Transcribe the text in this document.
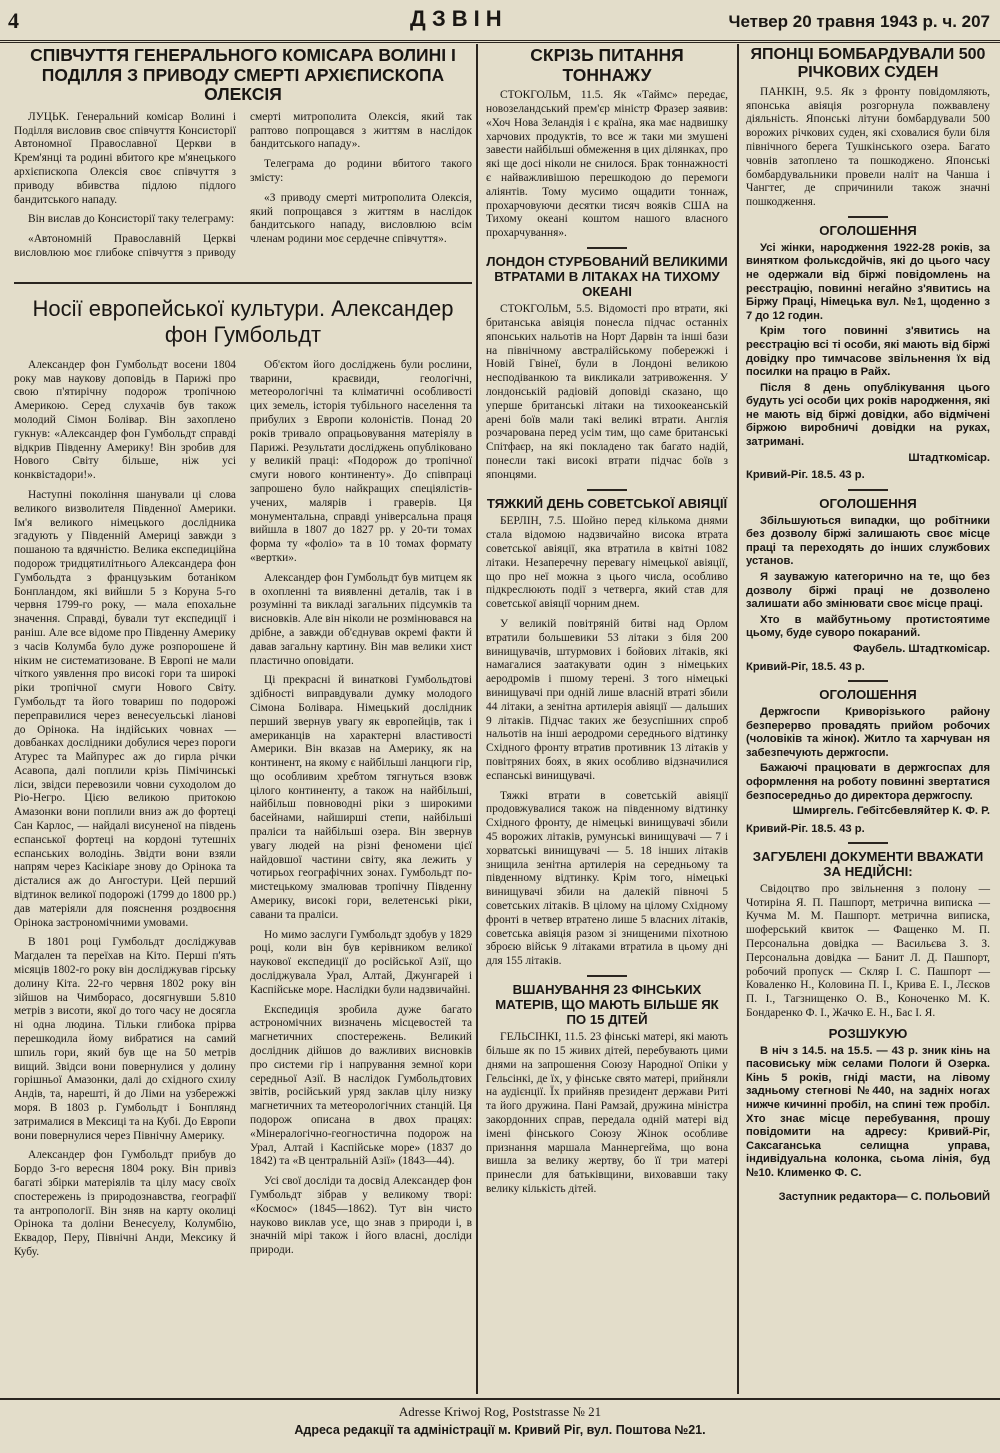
4	ДЗВІН	Четвер 20 травня 1943 р. ч. 207
СПІВЧУТТЯ ГЕНЕРАЛЬНОГО КОМІСАРА ВОЛИНІ І ПОДІЛЛЯ З ПРИВОДУ СМЕРТІ АРХІЄПИСКОПА ОЛЕКСІЯ

ЛУЦЬК. Генеральний комісар Волині і Поділля висловив своє співчуття Консисторії Автономної Православної Церкви в Крем'янці та родині вбитого кре м'янецького архієпископа Олексія своє співчуття з приводу вбивства підлою підлого бандитського нападу.

Він вислав до Консисторії таку телеграму:

«Автономній Православній Церкві висловлюю моє глибоке співчуття з приводу смерті митрополита Олексія, який так раптово попрощався з життям в наслідок бандитського нападу».

Телеграма до родини вбитого такого змісту:

«З приводу смерті митрополита Олексія, який попрощався з життям в наслідок бандитського нападу, висловлюю всім членам родини моє сердечне співчуття».

Носії европейської культури. Александер фон Гумбольдт

Александер фон Гумбольдт восени 1804 року мав наукову доповідь в Парижі про свою п'ятирічну подорож тропічною Америкою. Серед слухачів був також молодий Сімон Болівар. Він захопленo гукнув: «Александер фон Гумбольдт справді відкрив Південну Америку! Він зробив для Нового Світу більше, ніж усі конквістадори!».

Наступні покоління шанували ці слова великого визволителя Південної Америки. Ім'я великого німецького дослідника згадують у Південній Америці завжди з пошаною та вдячністю. Велика експедиційна подорож тридцятилітнього Александера фон Гумбольдта з французьким ботаніком Бонпландом, які вийшли 5 з Коруна 5-го червня 1799-го року, — мала епохальне значення. Справді, бували тут експедиції і раніш. Але все відоме про Південну Америку з часів Колумба було дуже розпорошене й ніким не систематизоване. В Европі не мали чіткого уявлення про високі гори та широкі ріки тропічної смуги Нового Світу. Гумбольдт та його товариш по подорожі переправилися через венесуельські ліанові до Орінока. На індійських човнах — довбанках дослідники добулися через пороги Атурес та Майпурес аж до гирла річки Асавопа, далі поплили крізь Пімічинські ліси, звідси перевозили човни суходолом до Ріо-Негро. Цією великою притокою Амазонки вони поплили вниз аж до фортеці Сан Карлос, — найдалі висуненої на південь еспанської фортеці на кордоні тутешніх еспанських володінь. Звідти вони взяли напрям через Касікіаре знову до Орінока та дісталися аж до Ангостури. Цей перший відтинок великої подорожі (1799 до 1800 рр.) дав матеріяли для пояснення роздвоєння Орінока застрономічними умовами.

В 1801 році Гумбольдт досліджував Магдален та переїхав на Кіто. Перші п'ять місяців 1802-го року він досліджував гірську долину Кіта. 22-го червня 1802 року він зійшов на Чимборасо, досягнувши 5.810 метрів з висоти, якої до того часу не досягла ні одна людина. Тільки глибока прірва перешкодила йому вибратися на самий шпиль гори, який був ще на 50 метрів вищий. Звідси вони повернулися у долину горішньої Амазонки, далі до східного схилу Андів, та, нарешті, й до Ліми на узбережжі моря. В 1803 р. Гумбольдт і Бонплянд затрималися в Мексиці та на Кубі. До Европи вони повернулися через Північну Америку.

Александер фон Гумбольдт прибув до Бордо 3-го вересня 1804 року. Він привіз багаті збірки матеріялів та цілу масу своїх спостережень із природознавства, географії та антропології. Він зняв на карту околиці Орінока та доліни Венесуелу, Колумбію, Еквадор, Перу, Північні Анди, Мексику й Кубу.

Об'єктом його досліджень були рослини, тварини, краєвиди, геологічні, метеорологічні та кліматичні особливості цих земель, історія тубільного населення та прибулих з Европи колоністів. Понад 20 років тривало опрацьовування матеріялу в Парижі. Результати досліджень опубліковано у великій праці: «Подорож до тропічної смуги нового континенту». До співпраці запрошено було найкращих спеціялістів-учених, малярів і граверів. Ця монументальна, справді універсальна праця вийшла в 1807 до 1827 рр. у 20-ти томах форма ту «фоліо» та в 10 томах формату «вертки».

Александер фон Гумбольдт був митцем як в охопленні та виявленні деталів, так і в розумінні та викладі загальних підсумків та висновків. Але він ніколи не розмінювався на дрібне, а завжди об'єднував окремі факти й давав загальну картину. Він мав велики хист пластично оповідати.

Ці прекрасні й винаткові Гумбольдтові здібності виправдували думку молодого Сімона Болівара. Німецький дослідник перший звернув увагу як европейців, так і американців на характерні властивості Америки. Він вказав на Америку, як на континент, на якому є найбільші ланцюги гір, що особливим хребтом тягнуться взовж цілого континенту, а також на найбільші, найбільш повноводні ріки з широкими басейнами, найширші степи, найбільші праліси та найбільші озера. Він звернув увагу людей на різні феномени цієї найдовшої частини світу, яка лежить у чотирьох географічних зонах. Гумбольдт по-мистецькому змалював тропічну Південну Америку, високі гори, велетенські ріки, савани та праліси.

Но мимо заслуги Гумбольдт здобув у 1829 році, коли він був керівником великої наукової експедиції до російської Азії, що досліджувала Урал, Алтай, Джунгарей і Каспійське море. Наслідки були надзвичайні.

Експедиція зробила дуже багато астрономічних визначень місцевостей та магнетичних спостережень. Великий дослідник дійшов до важливих висновків про системи гір і напрування земної кори середньої Азії. В наслідок Гумбольдтових звітів, російський уряд заклав цілу низку магнетичних та метеорологічних станцій. Ця подорож описана в двох працях: «Мінералогічно-геогностична подорож на Урал, Алтай і Каспійське море» (1837 до 1842) та «В центральній Азії» (1843—44).

Усі свої досліди та досвід Александер фон Гумбольдт зібрав у великому творі: «Космос» (1845—1862). Тут він чисто науково виклав усе, що знав з природи і, в значній мірі також і його власні, досліди природи.

СКРІЗЬ ПИТАННЯ ТОННАЖУ

СТОКГОЛЬМ, 11.5. Як «Таймс» передає, новозеландський прем'єр міністр Фразер заявив: «Хоч Нова Зеландія і є країна, яка має надвишку харчових продуктів, то все ж таки ми змушені завести найбільші обмеження в цих ділянках, про які ще досі ніколи не снилося. Брак тоннажності є найважливішою перешкодою до перемоги аліянтів. Тому мусимо ощадити тоннаж, прохарчовуючи десятки тисяч вояків США на Тихому океані коштом нашого власного прохарчування».

ЛОНДОН СТУРБОВАНИЙ ВЕЛИКИМИ ВТРАТАМИ В ЛІТАКАХ НА ТИХОМУ ОКЕАНІ

СТОКГОЛЬМ, 5.5. Відомості про втрати, які британська авіяція понесла підчас останніх японських нальотів на Норт Дарвін та інші бази на північному австралійському побережжі і Новій Гвінеї, були в Лондоні великою несподіванкою та викликали затривоження. У лондонській радіовій доповіді сказано, що уперше британські літаки на тихоокеанській арені боїв мали такі великі втрати. Англія розчарована перед усім тим, що саме британські Спітфаєр, на які покладено так багато надій, понесли такі високі втрати підчас боїв з японцями.

ТЯЖКИЙ ДЕНЬ СОВЕТСЬКОЇ АВІЯЦІЇ

БЕРЛІН, 7.5. Шойно перед кількома днями стала відомою надзвичайно висока втрата советської авіяції, яка втратила в квітні 1082 літаки. Незаперечну перевагу німецької авіяції, що про неї можна з цього числа, особливо підкреслюють події з четверга, який став для советської авіяції чорним днем.

У великій повітряній битві над Орлом втратили большевики 53 літаки з біля 200 винищувачів, штурмових і бойових літаків, які намагалися заатакувати один з німецьких аеродромів і пшому терені. З того німецькі винищувачі при одній лише власній втраті збили 44 літаки, а зенітна артилерія авіяції — дальших 9 літаків. Підчас таких же безуспішних спроб нальотів на інші аеродроми середнього відтинку Східного фронту втратив противник 13 літаків у повітряних боях, в яких особливо відзначилися еспанські винищувачі.

Тяжкі втрати в советській авіяції продовжувалися також на південному відтинку Східного фронту, де німецькі винищувачі збили 45 ворожих літаків, румунські винищувачі — 7 і хорватські винищувачі — 5. 18 інших літаків знищила зенітна артилерія на середньому та південному відтинку. Крім того, німецькі винищувачі збили на далекій півночі 5 советських літаків. В цілому на цілому Східному фронті в четвер втратено лише 5 власних літаків, советська авіяція разом зі знищеними піхотною зброєю військ 9 літаками втратила в цьому дні для 155 літаків.

ВШАНУВАННЯ 23 ФІНСЬКИХ МАТЕРІВ, ЩО МАЮТЬ БІЛЬШЕ ЯК ПО 15 ДІТЕЙ

ГЕЛЬСІНКІ, 11.5. 23 фінські матері, які мають більше як по 15 живих дітей, перебувають цими днями на запрошення Союзу Народної Опіки у Гельсінкі, де їх, у фінське свято матері, прийняли на аудієнції. Їх прийняв президент держави Риті та його дружина. Пані Рамзай, дружина міністра закордонних справ, передала одній матері від імені фінського Союзу Жінок особливе признання маршала Маннергейма, що вона вишла за велику жертву, бо її три матері принесли для батьківщини, виховавши таку велику кількість дітей.

ЯПОНЦІ БОМБАРДУВАЛИ 500 РІЧКОВИХ СУДЕН

ПАНКІН, 9.5. Як з фронту повідомляють, японська авіяція розгорнула пожвавлену діяльність. Японські літуни бомбардували 500 ворожих річкових суден, які сховалися були біля північного берега Тушкінського озера. Багато човнів затоплено та пошкоджено. Японські бомбардувальники провели наліт на Чанша і Чангтег, де спричинили також значні пошкодження.

ОГОЛОШЕННЯ

Усі жінки, народження 1922-28 років, за винятком фольксдойчів, які до цього часу не одержали від біржі повідомлень на реєстрацію, повинні негайно з'явитись на Біржу Праці, Німецька вул. №1, щоденно з 7 до 12 годин.

Крім того повинні з'явитись на реєстрацію всі ті особи, які мають від біржі довідку про тимчасове звільнення їх від посилки на працю в Райх.

Після 8 день опублікування цього будуть усі особи цих років народження, які не мають від біржі довідки, або відмічені біржою виробничі довідки на руках, затримані.

Штадткомісар.

Кривий-Ріг. 18.5. 43 р.

ОГОЛОШЕННЯ

Збільшуються випадки, що робітники без дозволу біржі залишають своє місце праці та переходять до інших службових установ.

Я зауважую категорично на те, що без дозволу біржі праці не дозволено залишати або змінювати своє місце праці.

Хто в майбутньому протистоятиме цьому, буде суворо покараний.

Фаубель. Штадткомісар.

Кривий-Ріг, 18.5. 43 р.

ОГОЛОШЕННЯ

Держгоспи Криворізького району безперерво провадять прийом робочих (чоловіків та жінок). Житло та харчуван ня забезпечують держгоспи.

Бажаючі працювати в держгоспах для оформлення на роботу повинні звертатися безпосередньо до директора держгоспу.

Шмиргель. Гебітсбевляйтер К. Ф. Р.

Кривий-Ріг. 18.5. 43 р.

ЗАГУБЛЕНІ ДОКУМЕНТИ ВВАЖАТИ ЗА НЕДІЙСНІ:

Свідоцтво про звільнення з полону — Чотиріна Я. П. Пашпорт, метрична виписка — Кучма М. М. Пашпорт. метрична виписка, шоферський квиток — Фащенко М. П. Персональна довідка — Васильєва З. З. Персональна довідка — Банит Л. Д. Пашпорт, робочий пропуск — Скляр І. С. Пашпорт — Коваленко Н., Коловина П. І., Крива Е. І., Лєсков П. І., Тагзнищенко О. В., Коноченко М. К. Бондаренко Ф. І., Жачко Е. Н., Бас І. Я.

РОЗШУКУЮ

В ніч з 14.5. на 15.5. — 43 р. зник кінь на пасовиську між селами Пологи й Озерка. Кінь 5 років, гніді масти, на лівому задньому стегнові №440, на задніх ногах нижче кичинні пробіл, на спині теж пробіл. Хто знає місце перебування, прошу повідомити на адресу: Кривий-Ріг, Саксаганська селищна управа, індивідуальна колонка, сьома лінія, буд №10. Клименко Ф. С.

Заступник редактора— С. ПОЛЬОВИЙ
Adresse Kriwoj Rog, Poststrasse № 21
Адреса редакції та адміністрації м. Кривий Ріг, вул. Поштова №21.
